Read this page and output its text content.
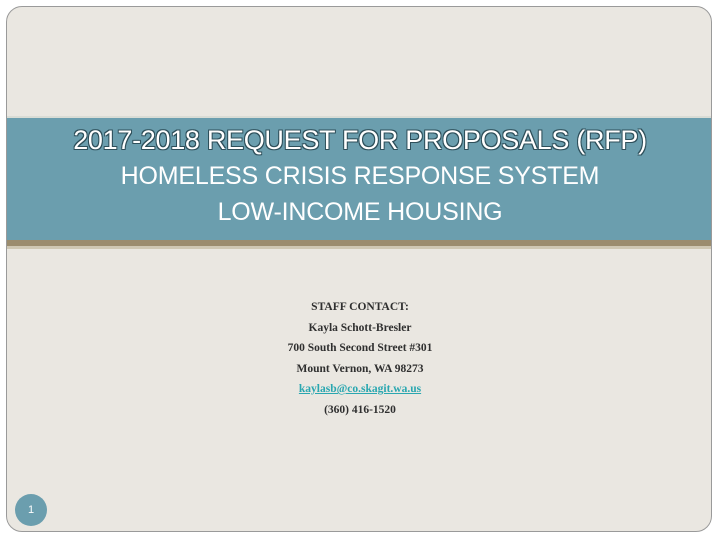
2017-2018 REQUEST FOR PROPOSALS (RFP)
HOMELESS CRISIS RESPONSE SYSTEM
LOW-INCOME HOUSING
STAFF CONTACT:
Kayla Schott-Bresler
700 South Second Street #301
Mount Vernon, WA 98273
kaylasb@co.skagit.wa.us
(360) 416-1520
1
